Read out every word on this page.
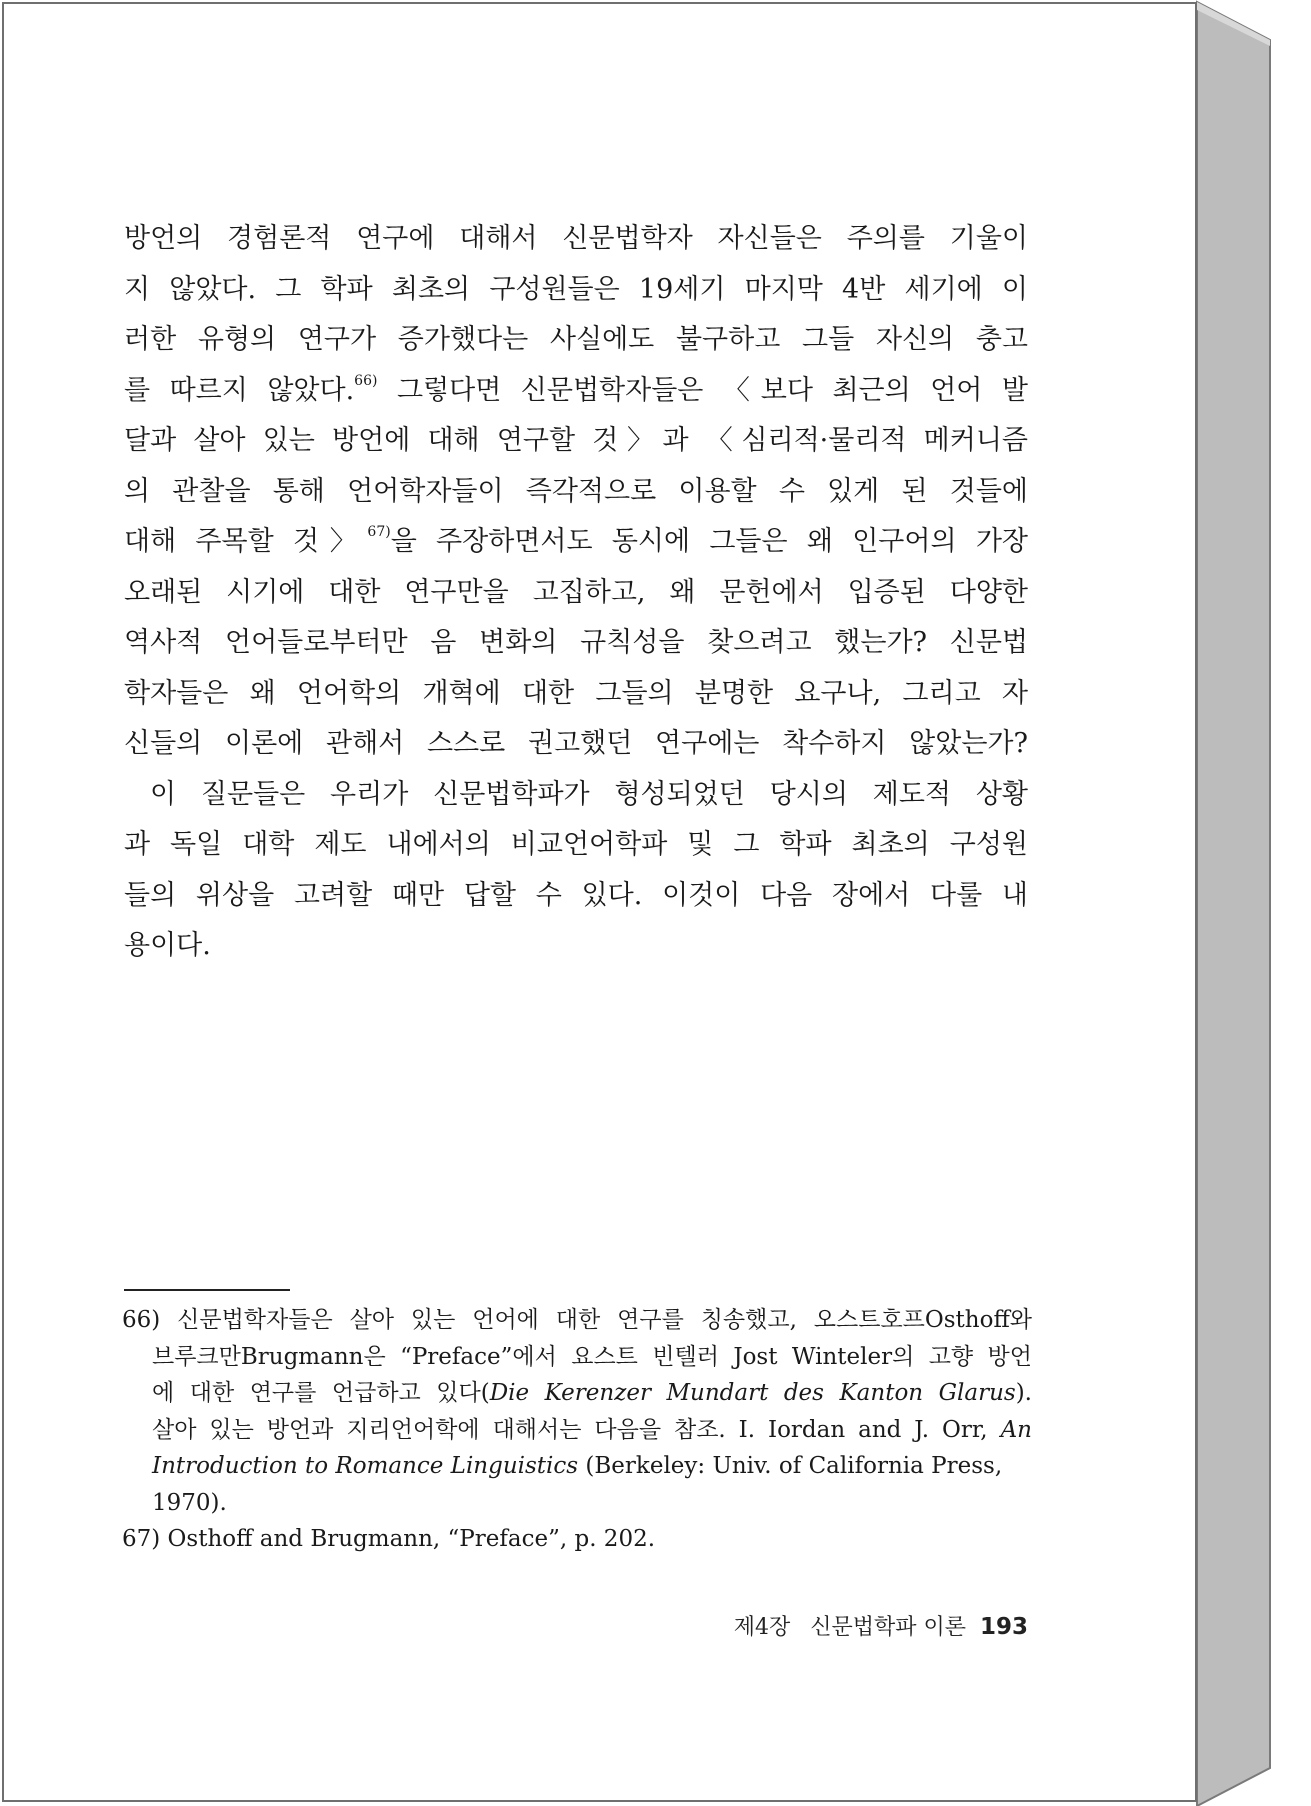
방언의 경험론적 연구에 대해서 신문법학자 자신들은 주의를 기울이
지 않았다. 그 학파 최초의 구성원들은 19세기 마지막 4반 세기에 이
러한 유형의 연구가 증가했다는 사실에도 불구하고 그들 자신의 충고
를 따르지 않았다.$^{66)}$ 그렇다면 신문법학자들은 〈보다 최근의 언어 발
달과 살아 있는 방언에 대해 연구할 것〉과 〈심리적·물리적 메커니즘
의 관찰을 통해 언어학자들이 즉각적으로 이용할 수 있게 된 것들에
대해 주목할 것〉$^{67)}$을 주장하면서도 동시에 그들은 왜 인구어의 가장
오래된 시기에 대한 연구만을 고집하고, 왜 문헌에서 입증된 다양한
역사적 언어들로부터만 음 변화의 규칙성을 찾으려고 했는가? 신문법
학자들은 왜 언어학의 개혁에 대한 그들의 분명한 요구나, 그리고 자
신들의 이론에 관해서 스스로 권고했던 연구에는 착수하지 않았는가?
이 질문들은 우리가 신문법학파가 형성되었던 당시의 제도적 상황
과 독일 대학 제도 내에서의 비교언어학파 및 그 학파 최초의 구성원
들의 위상을 고려할 때만 답할 수 있다. 이것이 다음 장에서 다룰 내
용이다.
66) 신문법학자들은 살아 있는 언어에 대한 연구를 칭송했고, 오스트호프Osthoff와
브루크만Brugmann은 “Preface”에서 요스트 빈텔러 Jost Winteler의 고향 방언
에 대한 연구를 언급하고 있다(Die Kerenzer Mundart des Kanton Glarus).
살아 있는 방언과 지리언어학에 대해서는 다음을 참조. I. Iordan and J. Orr, An
Introduction to Romance Linguistics (Berkeley: Univ. of California Press,
1970).
67) Osthoff and Brugmann, “Preface”, p. 202.
제4장 신문법학파 이론 193
